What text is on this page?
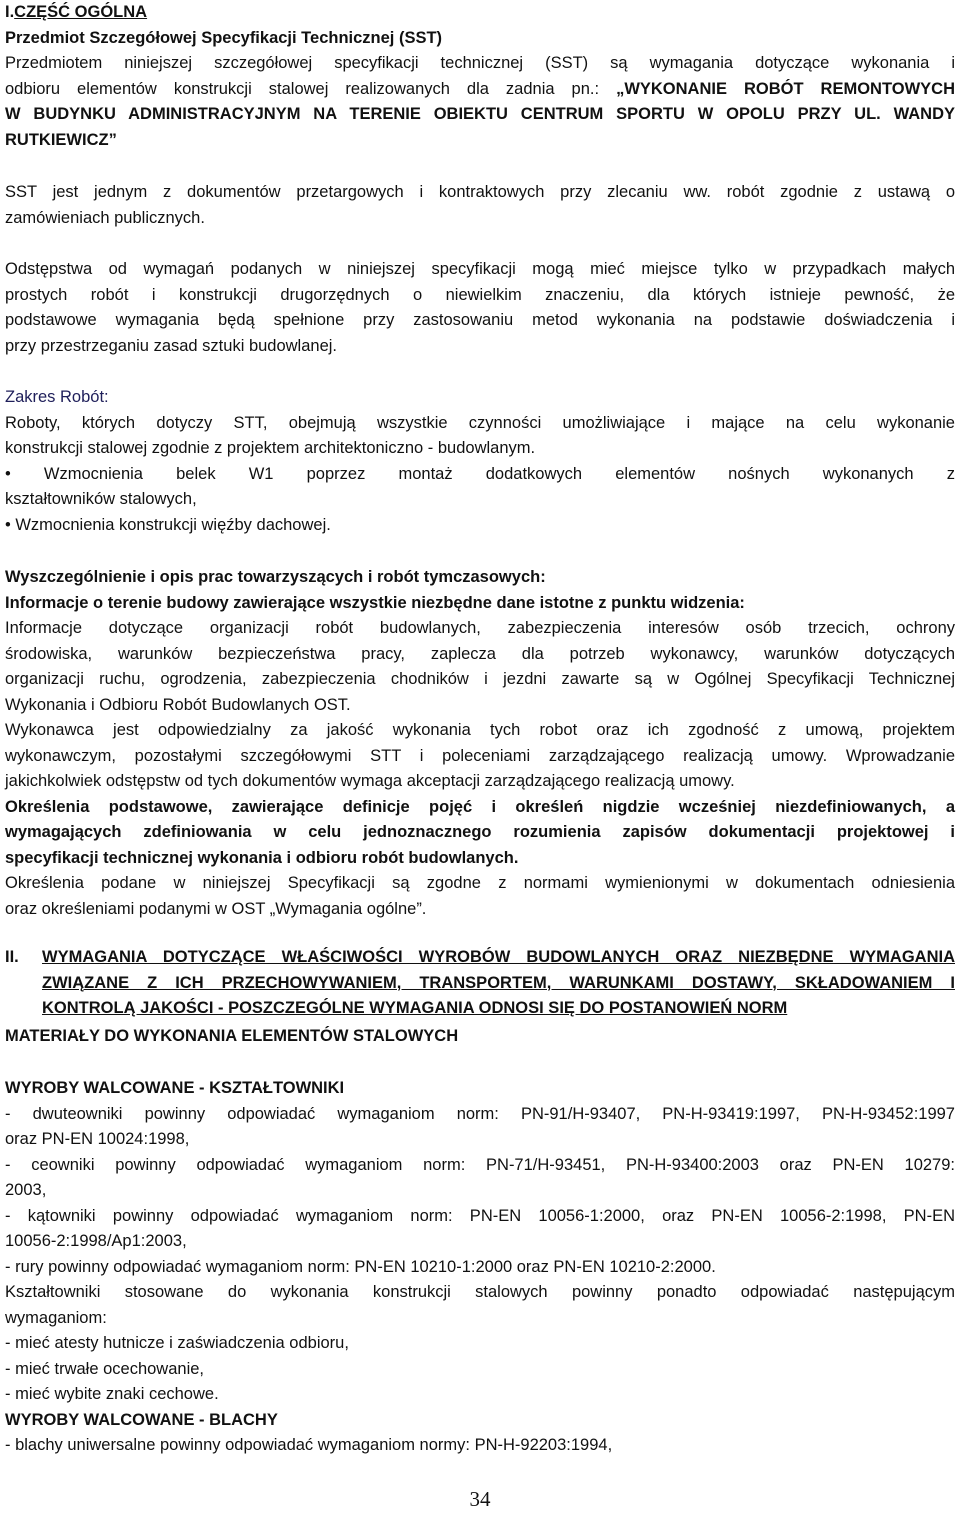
I.CZĘŚĆ OGÓLNA
Przedmiot Szczegółowej Specyfikacji Technicznej (SST)
Przedmiotem niniejszej szczegółowej specyfikacji technicznej (SST) są wymagania dotyczące wykonania i
odbioru elementów konstrukcji stalowej realizowanych dla zadnia pn.: „WYKONANIE ROBÓT REMONTOWYCH
W BUDYNKU ADMINISTRACYJNYM NA TERENIE OBIEKTU CENTRUM SPORTU W OPOLU PRZY UL. WANDY
RUTKIEWICZ”
SST jest jednym z dokumentów przetargowych i kontraktowych przy zlecaniu ww. robót zgodnie z ustawą o
zamówieniach publicznych.
Odstępstwa od wymagań podanych w niniejszej specyfikacji mogą mieć miejsce tylko w przypadkach małych
prostych robót i konstrukcji drugorzędnych o niewielkim znaczeniu, dla których istnieje pewność, że
podstawowe wymagania będą spełnione przy zastosowaniu metod wykonania na podstawie doświadczenia i
przy przestrzeganiu zasad sztuki budowlanej.
Zakres Robót:
Roboty, których dotyczy STT, obejmują wszystkie czynności umożliwiające i mające na celu wykonanie
konstrukcji stalowej zgodnie z projektem architektoniczno - budowlanym.
• Wzmocnienia belek W1 poprzez montaż dodatkowych elementów nośnych wykonanych z
kształtowników stalowych,
• Wzmocnienia konstrukcji więźby dachowej.
Wyszczególnienie i opis prac towarzyszących i robót tymczasowych:
Informacje o terenie budowy zawierające wszystkie niezbędne dane istotne z punktu widzenia:
Informacje dotyczące organizacji robót budowlanych, zabezpieczenia interesów osób trzecich, ochrony
środowiska, warunków bezpieczeństwa pracy, zaplecza dla potrzeb wykonawcy, warunków dotyczących
organizacji ruchu, ogrodzenia, zabezpieczenia chodników i jezdni zawarte są w Ogólnej Specyfikacji Technicznej
Wykonania i Odbioru Robót Budowlanych OST.
Wykonawca jest odpowiedzialny za jakość wykonania tych robot oraz ich zgodność z umową, projektem
wykonawczym, pozostałymi szczegółowymi STT i poleceniami zarządzającego realizacją umowy. Wprowadzanie
jakichkolwiek odstępstw od tych dokumentów wymaga akceptacji zarządzającego realizacją umowy.
Określenia podstawowe, zawierające definicje pojęć i określeń nigdzie wcześniej niezdefiniowanych, a
wymagających zdefiniowania w celu jednoznacznego rozumienia zapisów dokumentacji projektowej i
specyfikacji technicznej wykonania i odbioru robót budowlanych.
Określenia podane w niniejszej Specyfikacji są zgodne z normami wymienionymi w dokumentach odniesienia
oraz określeniami podanymi w OST „Wymagania ogólne”.
II. WYMAGANIA DOTYCZĄCE WŁAŚCIWOŚCI WYROBÓW BUDOWLANYCH ORAZ NIEZBĘDNE WYMAGANIA
ZWIĄZANE Z ICH PRZECHOWYWANIEM, TRANSPORTEM, WARUNKAMI DOSTAWY, SKŁADOWANIEM I
KONTROLĄ JAKOŚCI - POSZCZEGÓLNE WYMAGANIA ODNOSI SIĘ DO POSTANOWIEŃ NORM
MATERIAŁY DO WYKONANIA ELEMENTÓW STALOWYCH
WYROBY WALCOWANE - KSZTAŁTOWNIKI
- dwuteowniki powinny odpowiadać wymaganiom norm: PN-91/H-93407, PN-H-93419:1997, PN-H-93452:1997
oraz PN-EN 10024:1998,
- ceowniki powinny odpowiadać wymaganiom norm: PN-71/H-93451, PN-H-93400:2003 oraz PN-EN 10279:
2003,
- kątowniki powinny odpowiadać wymaganiom norm: PN-EN 10056-1:2000, oraz PN-EN 10056-2:1998, PN-EN
10056-2:1998/Ap1:2003,
- rury powinny odpowiadać wymaganiom norm: PN-EN 10210-1:2000 oraz PN-EN 10210-2:2000.
Kształtowniki stosowane do wykonania konstrukcji stalowych powinny ponadto odpowiadać następującym
wymaganiom:
- mieć atesty hutnicze i zaświadczenia odbioru,
- mieć trwałe ocechowanie,
- mieć wybite znaki cechowe.
WYROBY WALCOWANE - BLACHY
- blachy uniwersalne powinny odpowiadać wymaganiom normy: PN-H-92203:1994,
34
